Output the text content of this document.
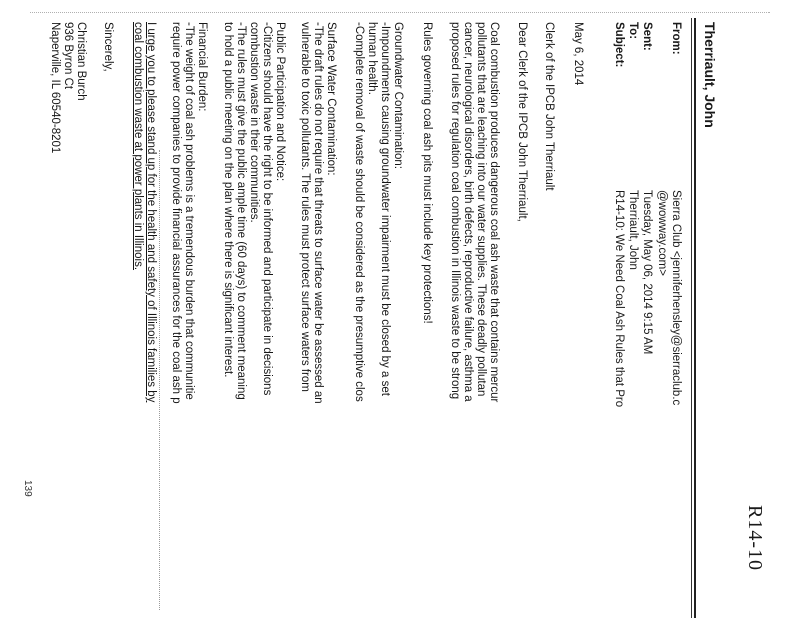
R14-10
Therriault, John
From:
Sierra Club <jenniferhensley@sierraclub.c
@wowway.com>
Sent:
Tuesday, May 06, 2014 9:15 AM
To:
Therriault, John
Subject:
R14-10: We Need Coal Ash Rules that Pro
May 6, 2014
Clerk of the IPCB John Therriault
Dear Clerk of the IPCB John Therriault,
Coal combustion produces dangerous coal ash waste that contains mercur
pollutants that are leaching into our water supplies. These deadly pollutan
cancer, neurological disorders, birth defects, reproductive failure, asthma a
proposed rules for regulation coal combustion in Illinois waste to be strong
Rules governing coal ash pits must include key protections!
Groundwater Contamination:
-Impoundments causing groundwater impairment must be closed by a set
human health.
-Complete removal of waste should be considered as the presumptive clos
Surface Water Contamination:
-The draft rules do not require that threats to surface water be assessed an
vulnerable to toxic pollutants. The rules must protect surface waters from
Public Participation and Notice:
-Citizens should have the right to be informed and participate in decisions
combustion waste in their communities.
-The rules must give the public ample time (60 days) to comment meaning
to hold a public meeting on the plan where there is significant interest.
Financial Burden:
-The weight of coal ash problems is a tremendous burden that communitie
require power companies to provide financial assurances for the coal ash p
I urge you to please stand up for the health and safety of Illinois families by
coal combustion waste at power plants in Illinois.
Sincerely,
Christian Burch
936 Byron Ct
Naperville, IL 60540-8201
139
